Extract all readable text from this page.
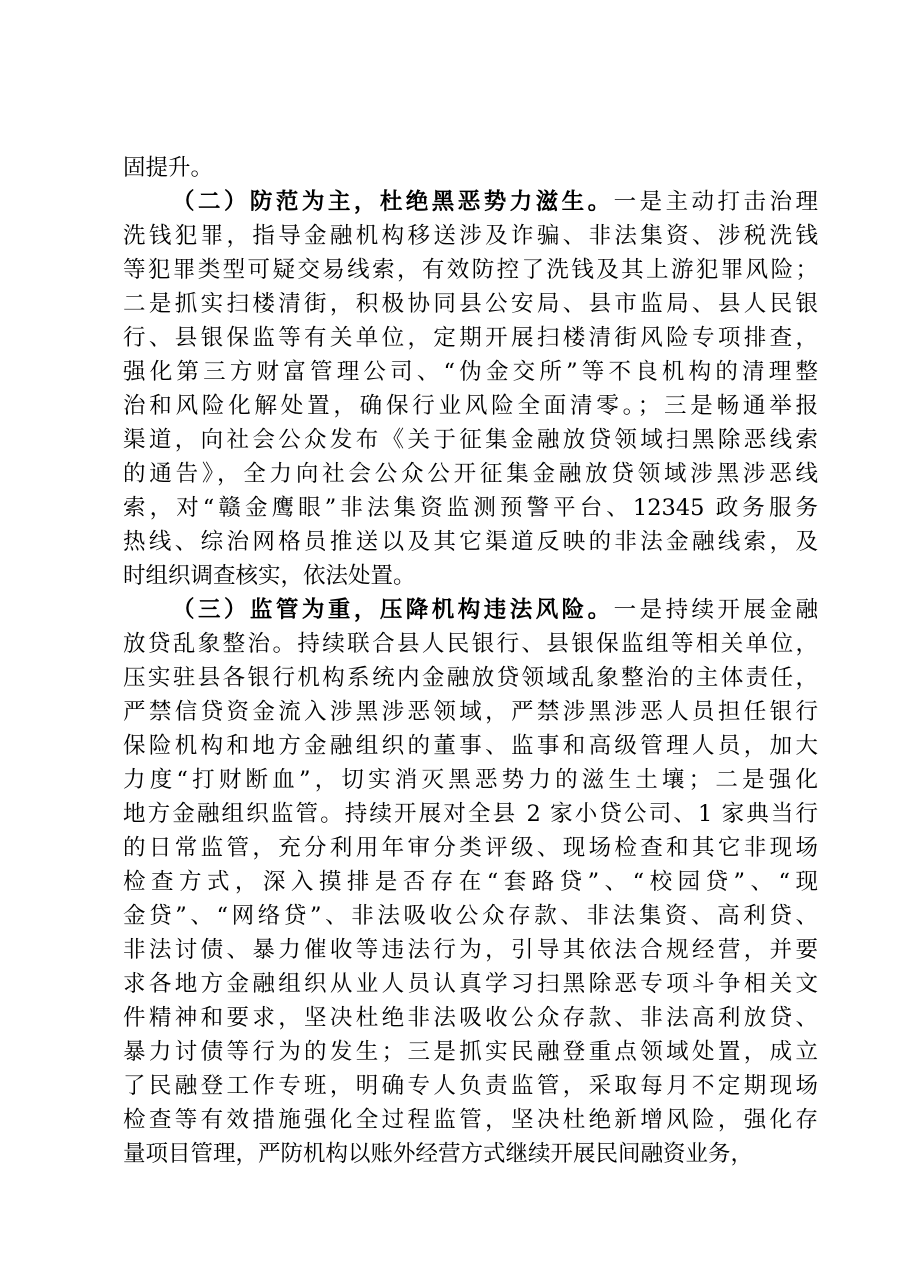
固提升。
（二）防范为主，杜绝黑恶势力滋生。一是主动打击治理
洗钱犯罪，指导金融机构移送涉及诈骗、非法集资、涉税洗钱
等犯罪类型可疑交易线索，有效防控了洗钱及其上游犯罪风险；
二是抓实扫楼清街，积极协同县公安局、县市监局、县人民银
行、县银保监等有关单位，定期开展扫楼清街风险专项排查，
强化第三方财富管理公司、“伪金交所”等不良机构的清理整
治和风险化解处置，确保行业风险全面清零。；三是畅通举报
渠道，向社会公众发布《关于征集金融放贷领域扫黑除恶线索
的通告》，全力向社会公众公开征集金融放贷领域涉黑涉恶线
索，对“赣金鹰眼”非法集资监测预警平台、12345 政务服务
热线、综治网格员推送以及其它渠道反映的非法金融线索，及
时组织调查核实，依法处置。
（三）监管为重，压降机构违法风险。一是持续开展金融
放贷乱象整治。持续联合县人民银行、县银保监组等相关单位，
压实驻县各银行机构系统内金融放贷领域乱象整治的主体责任，
严禁信贷资金流入涉黑涉恶领域，严禁涉黑涉恶人员担任银行
保险机构和地方金融组织的董事、监事和高级管理人员，加大
力度“打财断血”，切实消灭黑恶势力的滋生土壤；二是强化
地方金融组织监管。持续开展对全县 2 家小贷公司、1 家典当行
的日常监管，充分利用年审分类评级、现场检查和其它非现场
检查方式，深入摸排是否存在“套路贷”、“校园贷”、“现
金贷”、“网络贷”、非法吸收公众存款、非法集资、高利贷、
非法讨债、暴力催收等违法行为，引导其依法合规经营，并要
求各地方金融组织从业人员认真学习扫黑除恶专项斗争相关文
件精神和要求，坚决杜绝非法吸收公众存款、非法高利放贷、
暴力讨债等行为的发生；三是抓实民融登重点领域处置，成立
了民融登工作专班，明确专人负责监管，采取每月不定期现场
检查等有效措施强化全过程监管，坚决杜绝新增风险，强化存
量项目管理，严防机构以账外经营方式继续开展民间融资业务，
